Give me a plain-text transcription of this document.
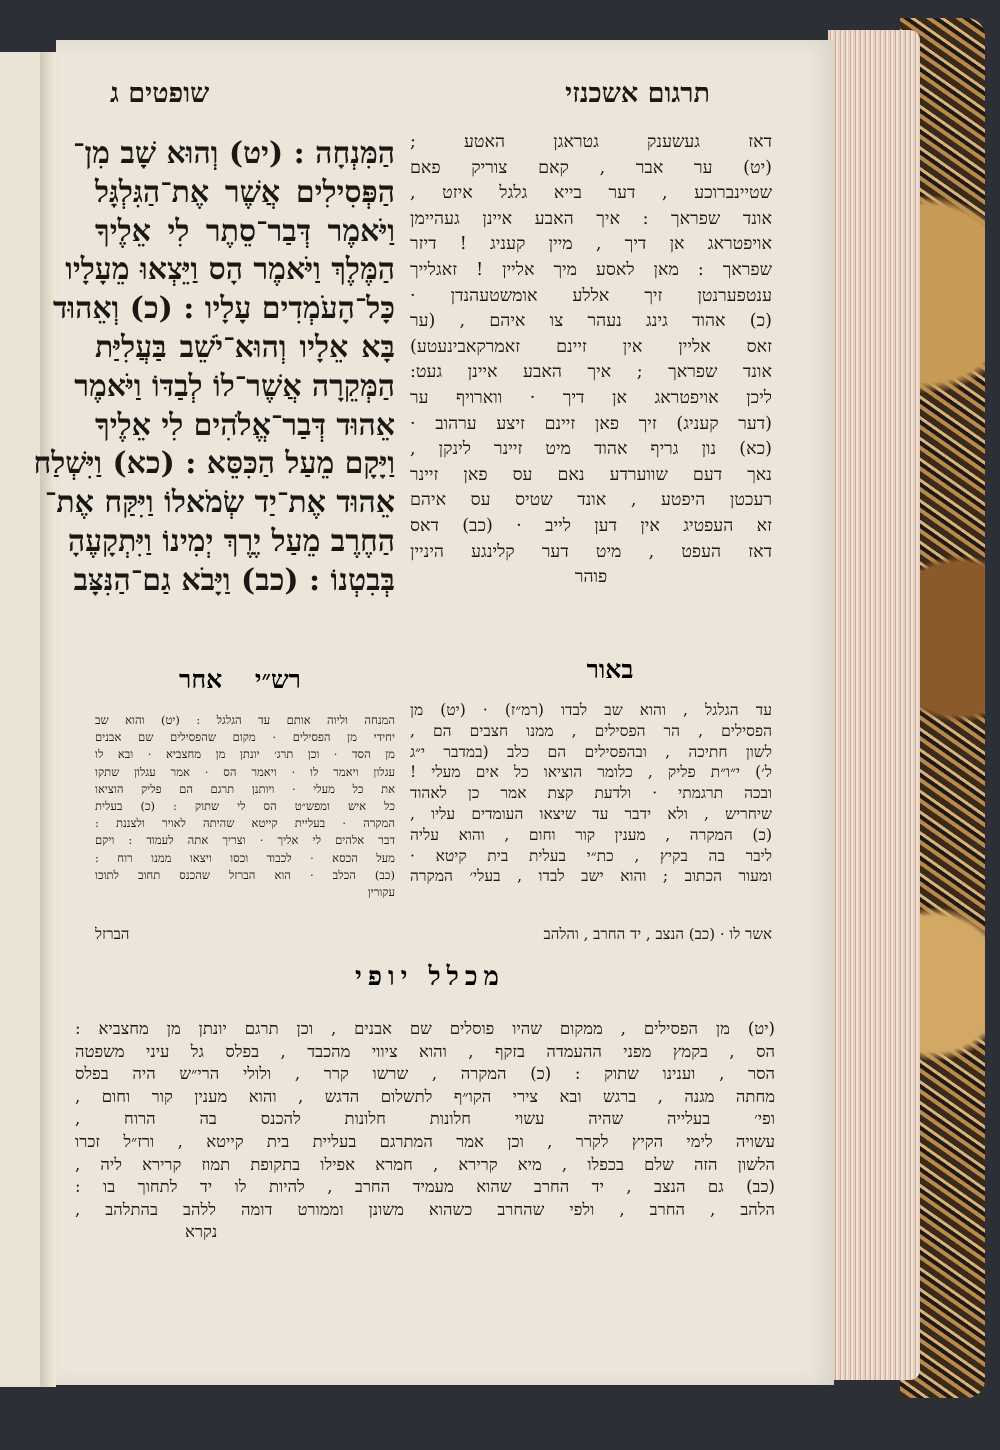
תרגום אשכנזי
שופטים ג
דאז געשענק גטראגן האטע ;
(יט) ער אבר , קאם צוריק פאם
שטיינברוכע , דער בייא גלגל איזט ,
אונד שפראך : איך האבע איינן געהיימן
אויפטראג אן דיך , מיין קעניג ! דיזר
שפראך : מאן לאסע מיך אליין ! זאגלייך
ענטפערנטן זיך אללע אומשטעהנדן ·
(כ) אהוד גינג נעהר צו איהם , (ער
זאס אליין אין זיינם זאמרקאבינעטע)
אונד שפראך ; איך האבע איינן געט:
ליכן אויפטראג אן דיך · ווארויף ער
(דער קעניג) זיך פאן זיינם זיצע ערהוב ·
(כא) נון גריף אהוד מיט זיינר לינקן ,
נאך דעם שווערדע נאם עס פאן זיינר
רעכטן היפטע , אונד שטיס עס איהם
זא העפטיג אין דען לייב · (כב) דאס
דאז העפט , מיט דער קלינגע היניין
פוהר
הַמִּנְחָה : (יט) וְהוּא שָׁב מִן־
הַפְּסִילִים אֲשֶׁר אֶת־הַגִּלְגָּל
וַיֹּאמֶר דְּבַר־סֵתֶר לִי אֵלֶיךָ
הַמֶּלֶךְ וַיֹּאמֶר הָס וַיֵּצְאוּ מֵעָלָיו
כָּל־הָעֹמְדִים עָלָיו : (כ) וְאֵהוּד
בָּא אֵלָיו וְהוּא־יֹשֵׁב בַּעֲלִיַּת
הַמְּקֵרָה אֲשֶׁר־לוֹ לְבַדּוֹ וַיֹּאמֶר
אֵהוּד דְּבַר־אֱלֹהִים לִי אֵלֶיךָ
וַיָּקָם מֵעַל הַכִּסֵּא : (כא) וַיִּשְׁלַח
אֵהוּד אֶת־יַד שְׂמֹאלוֹ וַיִּקַּח אֶת־
הַחֶרֶב מֵעַל יֶרֶךְ יְמִינוֹ וַיִּתְקָעֶהָ
בְּבִטְנוֹ : (כב) וַיָּבֹא גַם־הַנִּצָּב
באור
רש״י אחר
עד הגלגל , והוא שב לבדו (רמ״ז) · (יט) מן
הפסילים , הר הפסילים , ממנו חצבים הם ,
לשון חתיכה , ובהפסילים הם כלב (במדבר י״ג
ל׳) י״ו״ת פליק , כלומר הוציאו כל אים מעלי !
ובכה תרגמתי · ולדעת קצת אמר כן לאהוד
שיחריש , ולא ידבר עד שיצאו העומדים עליו ,
(כ) המקרה , מענין קור וחום , והוא עליה
ליבר בה בקיץ , כת״י בעלית בית קיטא ·
ומעור הכתוב ; והוא ישב לבדו , בעלי׳ המקרה
המנחה וליוה אותם עד הגלגל : (יט) והוא שב
יחידי מן הפסילים · מקום שהפסילים שם אבנים
מן הסד · וכן תרג׳ יונתן מן מחצביא · ובא לו
עגלון ויאמר לו · ויאמר הס · אמר עגלון שתקו
את כל מעלי · ויותנן תרגם הם פליק הוציאו
כל איש ומפש״ט הס לי שתוק : (כ) בעלית
המקרה · בעליית קייטא שהיתה לאויר ולצננת :
דבר אלהים לי אליך · וצריך אתה לעמוד : ויקם
מעל הכסא · לכבוד וכסו ויצאו ממנו רוח :
(כב) הכלב · הוא הברזל שהכנס תחוב לתוכו
עקורין
אשר לו · (כב) הנצב , יד החרב , והלהב
הברזל
מכלל יופי
(יט) מן הפסילים , ממקום שהיו פוסלים שם אבנים , וכן תרגם יונתן מן מחצביא :
הס , בקמץ מפני ההעמדה בזקף , והוא ציווי מהכבד , בפלס גל עיני משפטה
הסר , וענינו שתוק : (כ) המקרה , שרשו קרר , ולולי הרי״ש היה בפלס
מחתה מגנה , ברגש ובא צירי הקו״ף לתשלום הדגש , והוא מענין קור וחום ,
ופי׳ בעלייה שהיה עשוי חלונות חלונות להכנס בה הרוח ,
עשויה לימי הקיץ לקרר , וכן אמר המתרגם בעליית בית קייטא , ורז״ל זכרו
הלשון הזה שלם בכפלו , מיא קרירא , חמרא אפילו בתקופת תמוז קרירא ליה ,
(כב) גם הנצב , יד החרב שהוא מעמיד החרב , להיות לו יד לתחוך בו :
הלהב , החרב , ולפי שהחרב כשהוא משונן וממורט דומה ללהב בהתלהב ,
נקרא
